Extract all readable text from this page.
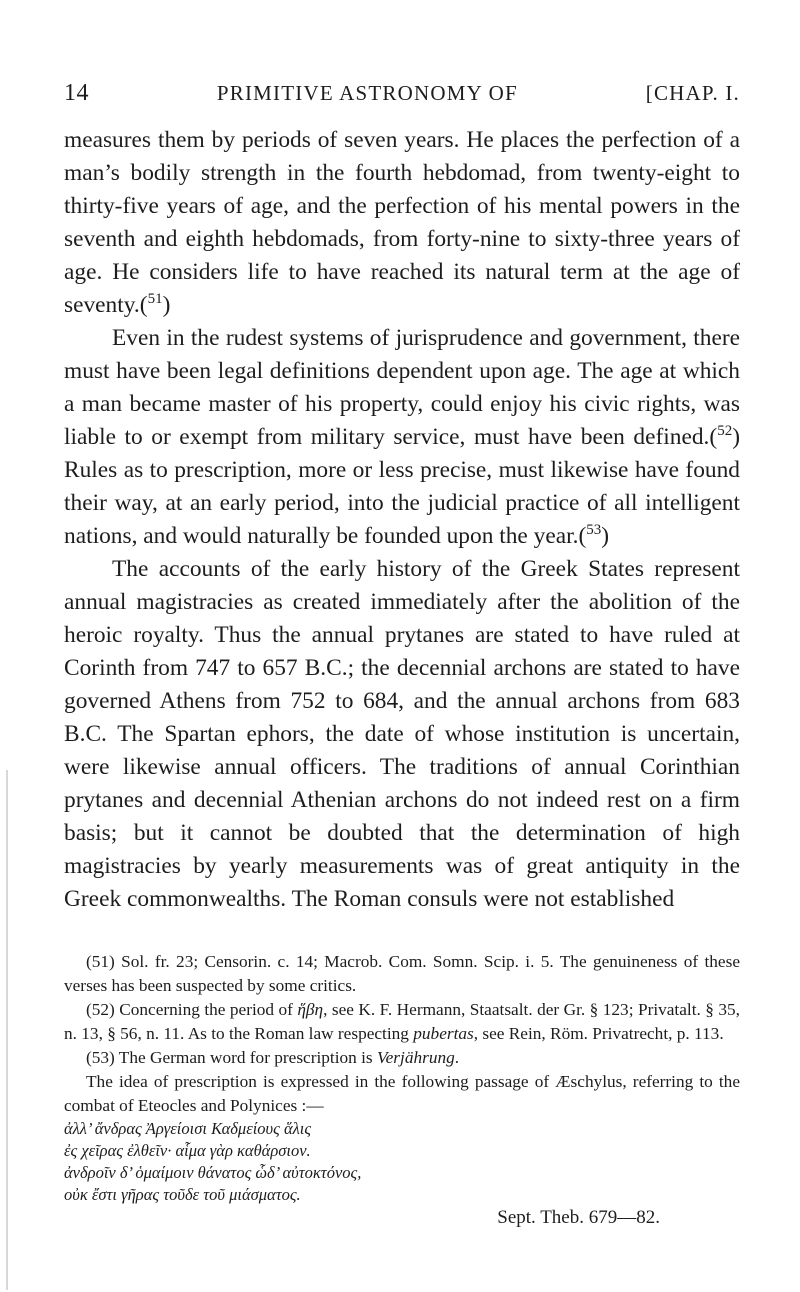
14	PRIMITIVE ASTRONOMY OF	[CHAP. I.

measures them by periods of seven years. He places the perfection of a man’s bodily strength in the fourth hebdomad, from twenty-eight to thirty-five years of age, and the perfection of his mental powers in the seventh and eighth hebdomads, from forty-nine to sixty-three years of age. He considers life to have reached its natural term at the age of seventy.($^{51}$)

Even in the rudest systems of jurisprudence and government, there must have been legal definitions dependent upon age. The age at which a man became master of his property, could enjoy his civic rights, was liable to or exempt from military service, must have been defined.($^{52}$) Rules as to prescription, more or less precise, must likewise have found their way, at an early period, into the judicial practice of all intelligent nations, and would naturally be founded upon the year.($^{53}$)

The accounts of the early history of the Greek States represent annual magistracies as created immediately after the abolition of the heroic royalty. Thus the annual prytanes are stated to have ruled at Corinth from 747 to 657 B.C.; the decennial archons are stated to have governed Athens from 752 to 684, and the annual archons from 683 B.C. The Spartan ephors, the date of whose institution is uncertain, were likewise annual officers. The traditions of annual Corinthian prytanes and decennial Athenian archons do not indeed rest on a firm basis; but it cannot be doubted that the determination of high magistracies by yearly measurements was of great antiquity in the Greek commonwealths. The Roman consuls were not established

(51) Sol. fr. 23; Censorin. c. 14; Macrob. Com. Somn. Scip. i. 5. The genuineness of these verses has been suspected by some critics.

(52) Concerning the period of ἥβη, see K. F. Hermann, Staatsalt. der Gr. § 123; Privatalt. § 35, n. 13, § 56, n. 11. As to the Roman law respecting pubertas, see Rein, Röm. Privatrecht, p. 113.

(53) The German word for prescription is Verjährung.

The idea of prescription is expressed in the following passage of Æschylus, referring to the combat of Eteocles and Polynices :—

ἀλλ’ ἄνδρας Ἀργείοισι Καδμείους ἅλις
ἐς χεῖρας ἐλθεῖν· αἷμα γὰρ καθάρσιον.
ἀνδροῖν δ’ ὁμαίμοιν θάνατος ὧδ’ αὐτοκτόνος,
οὐκ ἔστι γῆρας τοῦδε τοῦ μιάσματος.
Sept. Theb. 679—82.
